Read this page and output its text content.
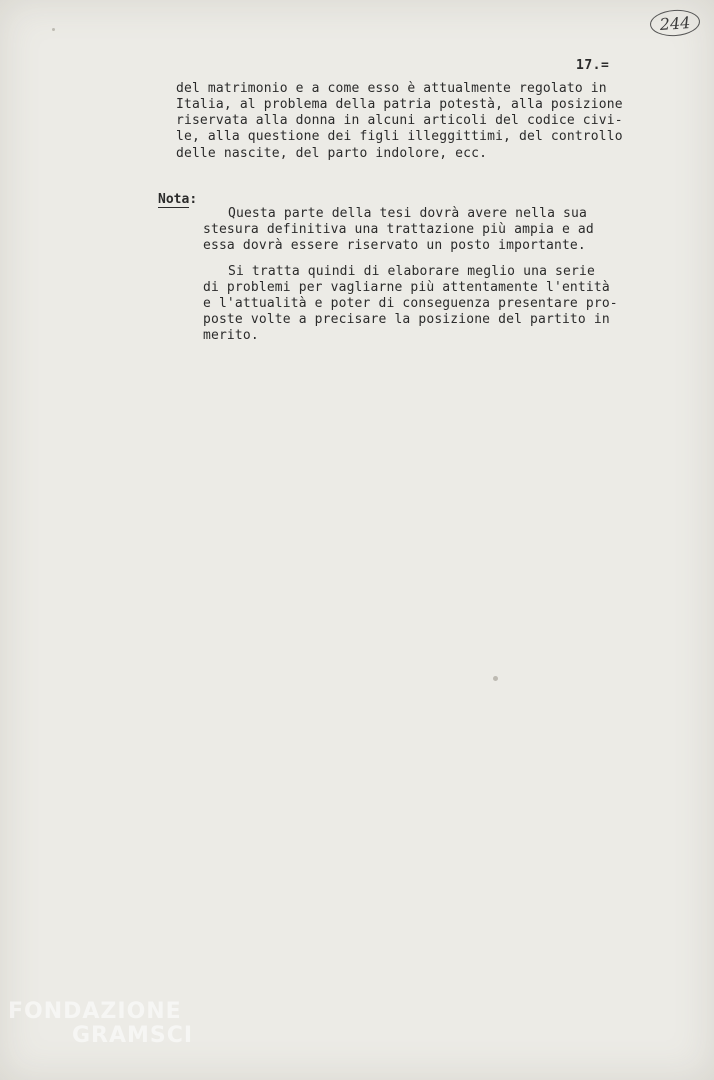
244
17.=
del matrimonio e a come esso è attualmente regolato in
Italia, al problema della patria potestà, alla posizione
riservata alla donna in alcuni articoli del codice civi-
le, alla questione dei figli illeggittimi, del controllo
delle nascite, del parto indolore, ecc.
Nota:
Questa parte della tesi dovrà avere nella sua
stesura definitiva una trattazione più ampia e ad
essa dovrà essere riservato un posto importante.
Si tratta quindi di elaborare meglio una serie
di problemi per vagliarne più attentamente l'entità
e l'attualità e poter di conseguenza presentare pro-
poste volte a precisare la posizione del partito in
merito.
FONDAZIONE
GRAMSCI
